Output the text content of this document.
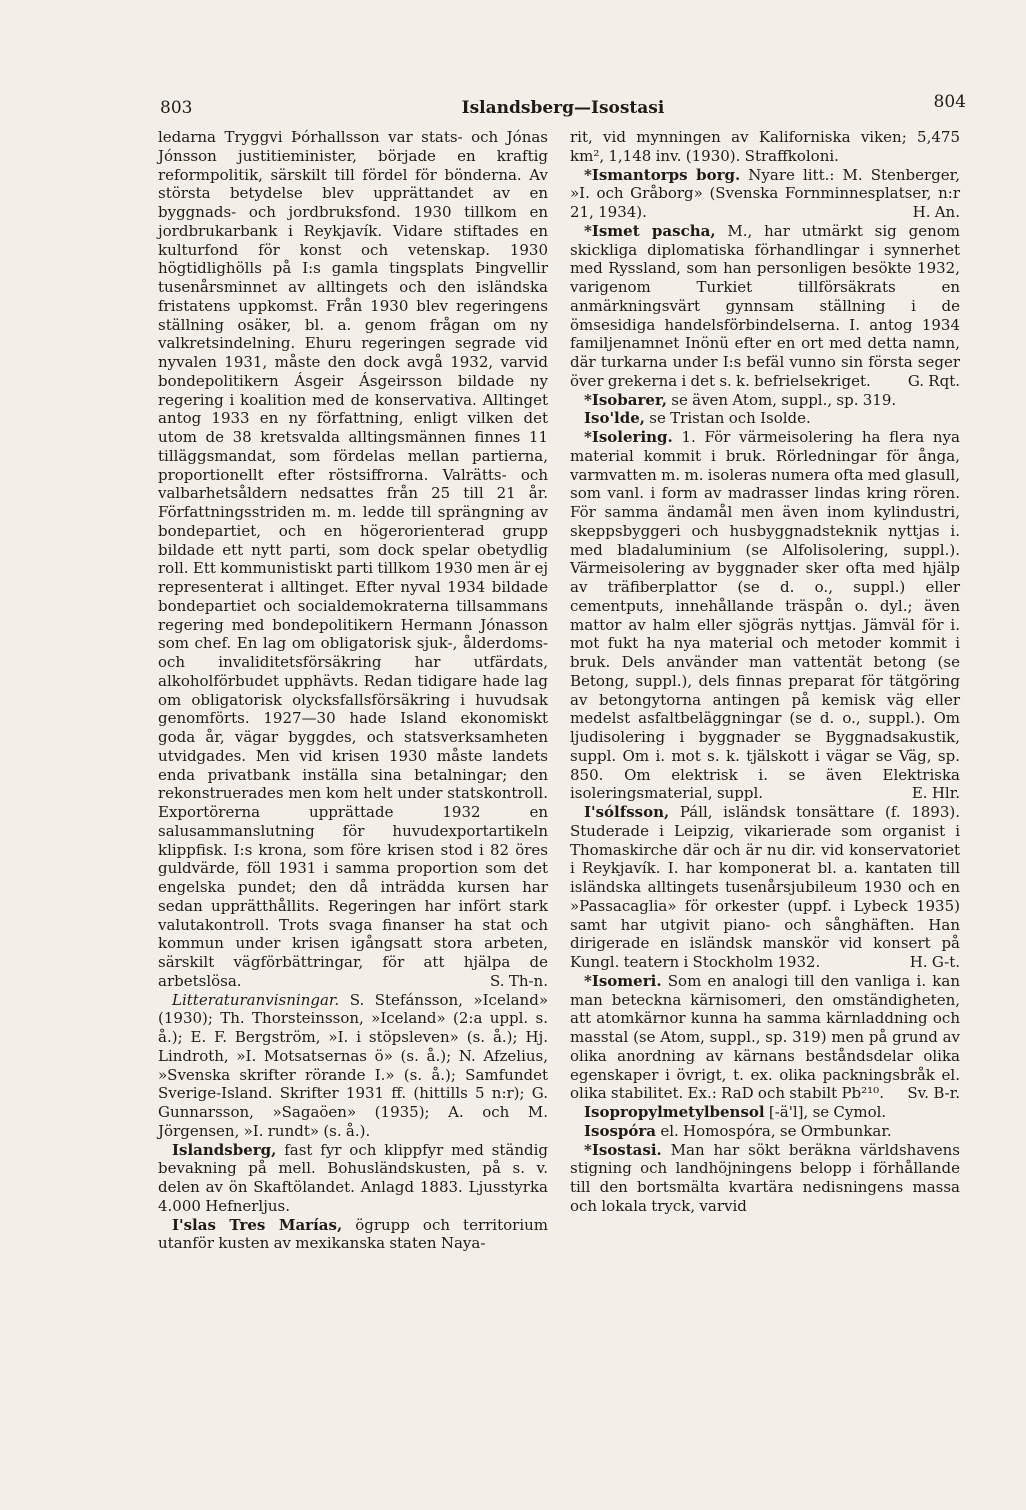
803	Islandsberg—Isostasi	804

ledarna Tryggvi Þórhallsson var stats- och Jónas Jónsson justitieminister, började en kraftig reformpolitik, särskilt till fördel för bönderna. Av största betydelse blev upprättandet av en byggnads- och jordbruksfond. 1930 tillkom en jordbrukarbank i Reykjavík. Vidare stiftades en kulturfond för konst och vetenskap. 1930 högtidlighölls på I:s gamla tingsplats Þingvellir tusenårsminnet av alltingets och den isländska fristatens uppkomst. Från 1930 blev regeringens ställning osäker, bl. a. genom frågan om ny valkretsindelning. Ehuru regeringen segrade vid nyvalen 1931, måste den dock avgå 1932, varvid bondepolitikern Ásgeir Ásgeirsson bildade ny regering i koalition med de konservativa. Alltinget antog 1933 en ny författning, enligt vilken det utom de 38 kretsvalda alltingsmännen finnes 11 tilläggsmandat, som fördelas mellan partierna, proportionellt efter röstsiffrorna. Valrätts- och valbarhetsåldern nedsattes från 25 till 21 år. Författningsstriden m. m. ledde till sprängning av bondepartiet, och en högerorienterad grupp bildade ett nytt parti, som dock spelar obetydlig roll. Ett kommunistiskt parti tillkom 1930 men är ej representerat i alltinget. Efter nyval 1934 bildade bondepartiet och socialdemokraterna tillsammans regering med bondepolitikern Hermann Jónasson som chef. En lag om obligatorisk sjuk-, ålderdoms- och invaliditetsförsäkring har utfärdats, alkoholförbudet upphävts. Redan tidigare hade lag om obligatorisk olycksfallsförsäkring i huvudsak genomförts. 1927—30 hade Island ekonomiskt goda år, vägar byggdes, och statsverksamheten utvidgades. Men vid krisen 1930 måste landets enda privatbank inställa sina betalningar; den rekonstruerades men kom helt under statskontroll. Exportörerna upprättade 1932 en salusammanslutning för huvudexportartikeln klippfisk. I:s krona, som före krisen stod i 82 öres guldvärde, föll 1931 i samma proportion som det engelska pundet; den då inträdda kursen har sedan upprätthållits. Regeringen har infört stark valutakontroll. Trots svaga finanser ha stat och kommun under krisen igångsatt stora arbeten, särskilt vägförbättringar, för att hjälpa de arbetslösa.	S. Th-n.

Litteraturanvisningar. S. Stefánsson, »Iceland» (1930); Th. Thorsteinsson, »Iceland» (2:a uppl. s. å.); E. F. Bergström, »I. i stöpsleven» (s. å.); Hj. Lindroth, »I. Motsatsernas ö» (s. å.); N. Afzelius, »Svenska skrifter rörande I.» (s. å.); Samfundet Sverige-Island. Skrifter 1931 ff. (hittills 5 n:r); G. Gunnarsson, »Sagaöen» (1935); A. och M. Jörgensen, »I. rundt» (s. å.).

Islandsberg, fast fyr och klippfyr med ständig bevakning på mell. Bohusländskusten, på s. v. delen av ön Skaftölandet. Anlagd 1883. Ljusstyrka 4.000 Hefnerljus.

I'slas Tres Marías, ögrupp och territorium utanför kusten av mexikanska staten Naya-

rit, vid mynningen av Kaliforniska viken; 5,475 km², 1,148 inv. (1930). Straffkoloni.

*Ismantorps borg. Nyare litt.: M. Stenberger, »I. och Gråborg» (Svenska Fornminnesplatser, n:r 21, 1934).	H. An.

*Ismet pascha, M., har utmärkt sig genom skickliga diplomatiska förhandlingar i synnerhet med Ryssland, som han personligen besökte 1932, varigenom Turkiet tillförsäkrats en anmärkningsvärt gynnsam ställning i de ömsesidiga handelsförbindelserna. I. antog 1934 familjenamnet Inönü efter en ort med detta namn, där turkarna under I:s befäl vunno sin första seger över grekerna i det s. k. befrielsekriget.	G. Rqt.

*Isobarer, se även Atom, suppl., sp. 319.

Iso'lde, se Tristan och Isolde.

*Isolering. 1. För värmeisolering ha flera nya material kommit i bruk. Rörledningar för ånga, varmvatten m. m. isoleras numera ofta med glasull, som vanl. i form av madrasser lindas kring rören. För samma ändamål men även inom kylindustri, skeppsbyggeri och husbyggnadsteknik nyttjas i. med bladaluminium (se Alfolisolering, suppl.). Värmeisolering av byggnader sker ofta med hjälp av träfiberplattor (se d. o., suppl.) eller cementputs, innehållande träspån o. dyl.; även mattor av halm eller sjögräs nyttjas. Jämväl för i. mot fukt ha nya material och metoder kommit i bruk. Dels använder man vattentät betong (se Betong, suppl.), dels finnas preparat för tätgöring av betongytorna antingen på kemisk väg eller medelst asfaltbeläggningar (se d. o., suppl.). Om ljudisolering i byggnader se Byggnadsakustik, suppl. Om i. mot s. k. tjälskott i vägar se Väg, sp. 850. Om elektrisk i. se även Elektriska isoleringsmaterial, suppl.	E. Hlr.

I'sólfsson, Páll, isländsk tonsättare (f. 1893). Studerade i Leipzig, vikarierade som organist i Thomaskirche där och är nu dir. vid konservatoriet i Reykjavík. I. har komponerat bl. a. kantaten till isländska alltingets tusenårsjubileum 1930 och en »Passacaglia» för orkester (uppf. i Lybeck 1935) samt har utgivit piano- och sånghäften. Han dirigerade en isländsk manskör vid konsert på Kungl. teatern i Stockholm 1932.	H. G-t.

*Isomeri. Som en analogi till den vanliga i. kan man beteckna kärnisomeri, den omständigheten, att atomkärnor kunna ha samma kärnladdning och masstal (se Atom, suppl., sp. 319) men på grund av olika anordning av kärnans beståndsdelar olika egenskaper i övrigt, t. ex. olika packningsbråk el. olika stabilitet. Ex.: RaD och stabilt Pb²¹⁰.	Sv. B-r.

Isopropylmetylbensol [-ä'l], se Cymol.

Isospóra el. Homospóra, se Ormbunkar.

*Isostasi. Man har sökt beräkna världshavens stigning och landhöjningens belopp i förhållande till den bortsmälta kvartära nedisningens massa och lokala tryck, varvid
